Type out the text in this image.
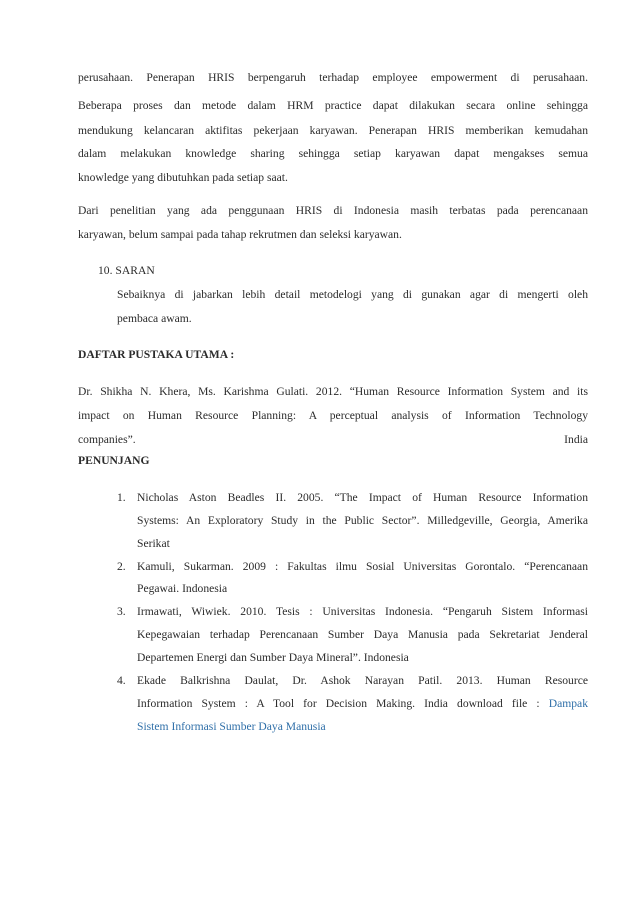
perusahaan. Penerapan HRIS berpengaruh terhadap employee empowerment di perusahaan.
Beberapa proses dan metode dalam HRM practice dapat dilakukan secara online sehingga
mendukung kelancaran aktifitas pekerjaan karyawan. Penerapan HRIS memberikan kemudahan
dalam melakukan knowledge sharing sehingga setiap karyawan dapat mengakses semua
knowledge yang dibutuhkan pada setiap saat.
Dari penelitian yang ada penggunaan HRIS di Indonesia masih terbatas pada perencanaan
karyawan, belum sampai pada tahap rekrutmen dan seleksi karyawan.
10. SARAN
Sebaiknya di jabarkan lebih detail metodelogi yang di gunakan agar di mengerti oleh
pembaca awam.
DAFTAR PUSTAKA UTAMA :
Dr. Shikha N. Khera, Ms. Karishma Gulati. 2012. “Human Resource Information System and its
impact on Human Resource Planning: A perceptual analysis of Information Technology
companies”.	India
PENUNJANG
1. Nicholas Aston Beadles II. 2005. “The Impact of Human Resource Information
Systems: An Exploratory Study in the Public Sector”. Milledgeville, Georgia, Amerika
Serikat
2. Kamuli, Sukarman. 2009 : Fakultas ilmu Sosial Universitas Gorontalo. “Perencanaan
Pegawai. Indonesia
3. Irmawati, Wiwiek. 2010. Tesis : Universitas Indonesia. “Pengaruh Sistem Informasi
Kepegawaian terhadap Perencanaan Sumber Daya Manusia pada Sekretariat Jenderal
Departemen Energi dan Sumber Daya Mineral”. Indonesia
4. Ekade Balkrishna Daulat, Dr. Ashok Narayan Patil. 2013. Human Resource
Information System : A Tool for Decision Making. India download file : Dampak
Sistem Informasi Sumber Daya Manusia
